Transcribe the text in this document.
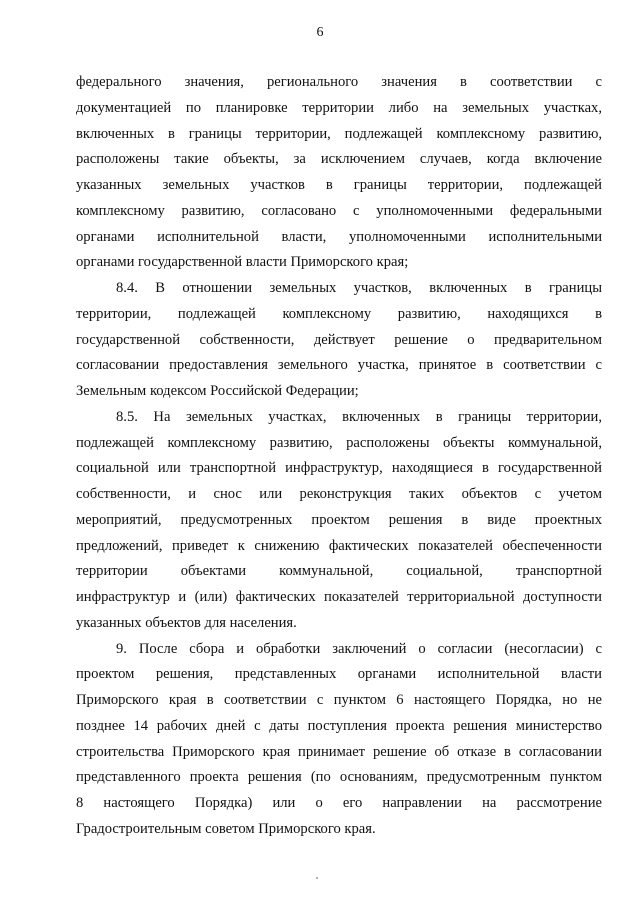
6

федерального значения, регионального значения в соответствии с
документацией по планировке территории либо на земельных участках,
включенных в границы территории, подлежащей комплексному развитию,
расположены такие объекты, за исключением случаев, когда включение
указанных земельных участков в границы территории, подлежащей
комплексному развитию, согласовано с уполномоченными федеральными
органами исполнительной власти, уполномоченными исполнительными
органами государственной власти Приморского края;

8.4. В отношении земельных участков, включенных в границы
территории, подлежащей комплексному развитию, находящихся в
государственной собственности, действует решение о предварительном
согласовании предоставления земельного участка, принятое в соответствии с
Земельным кодексом Российской Федерации;

8.5. На земельных участках, включенных в границы территории,
подлежащей комплексному развитию, расположены объекты коммунальной,
социальной или транспортной инфраструктур, находящиеся в государственной
собственности, и снос или реконструкция таких объектов с учетом
мероприятий, предусмотренных проектом решения в виде проектных
предложений, приведет к снижению фактических показателей обеспеченности
территории объектами коммунальной, социальной, транспортной
инфраструктур и (или) фактических показателей территориальной доступности
указанных объектов для населения.

9. После сбора и обработки заключений о согласии (несогласии) с
проектом решения, представленных органами исполнительной власти
Приморского края в соответствии с пунктом 6 настоящего Порядка, но не
позднее 14 рабочих дней с даты поступления проекта решения министерство
строительства Приморского края принимает решение об отказе в согласовании
представленного проекта решения (по основаниям, предусмотренным пунктом
8 настоящего Порядка) или о его направлении на рассмотрение
Градостроительным советом Приморского края.
